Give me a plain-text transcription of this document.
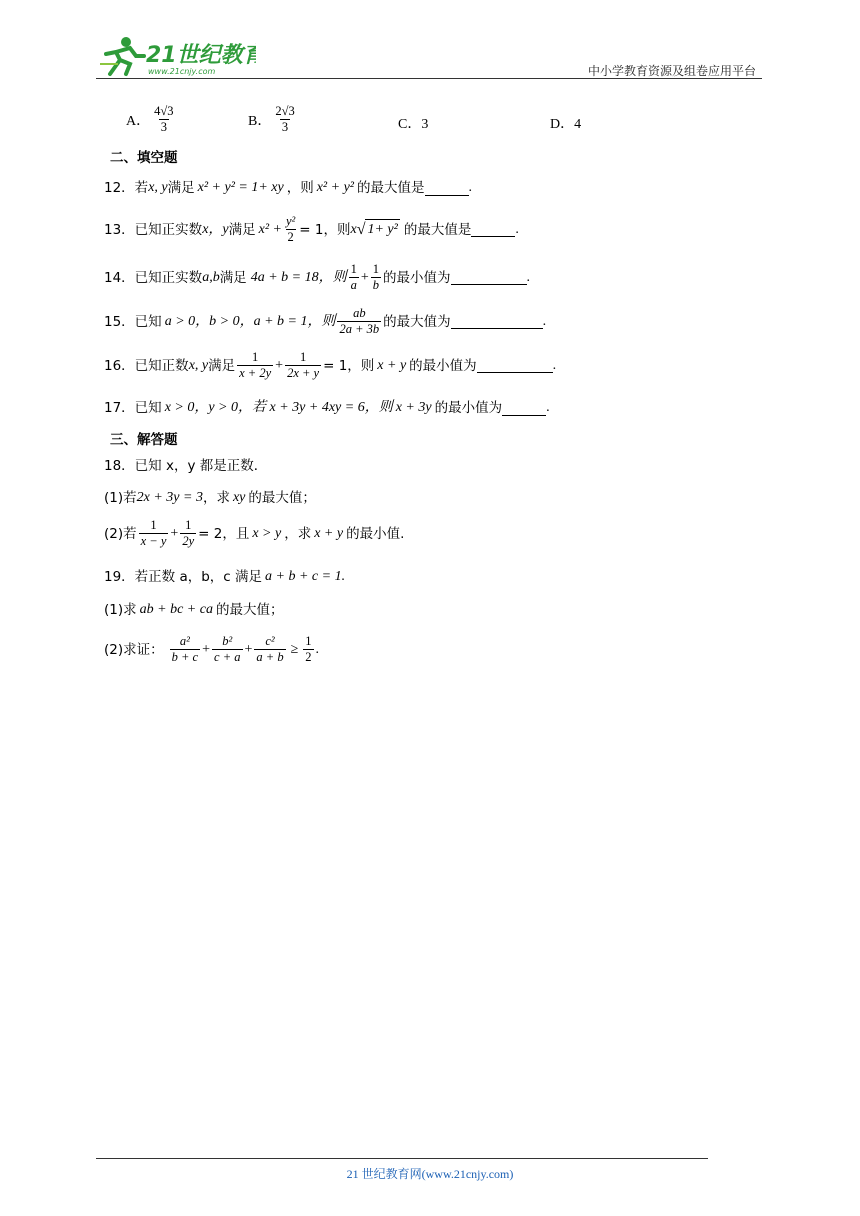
21世纪教育
www.21cnjy.com	中小学教育资源及组卷应用平台
A． $\frac{4√3}{3}$	B． $\frac{2√3}{3}$	C．3	D．4
二、填空题
12．若 x, y 满足 x² + y² = 1+ xy ，则 x² + y² 的最大值是	.
13．已知正实数 x，y 满足 $x^2 + \frac{\text{y²}}{2} = 1$，则 x √ 1+ y² 的最大值是	.
14．已知正实数 a,b 满足 4a + b = 18，则 $\frac{1}{a} + \frac{1}{b}$ 的最小值为	.
15．已知 a > 0，b > 0，a + b = 1，则 $\frac{ab}{2a + 3b}$ 的最大值为	.
16．已知正数 x, y 满足 $\frac{1}{x + 2y} + \frac{1}{2x + y} = 1$，则 x + y 的最小值为	.
17．已知 x > 0，y > 0，若 x + 3y + 4xy = 6，则 x + 3y 的最小值为	.
三、解答题
18．已知 x，y 都是正数．
(1)若 2x + 3y = 3 ，求 xy 的最大值；
(2)若 $\frac{1}{x - y} + \frac{1}{2y} = 2$，且 x > y ，求 x + y 的最小值.
19．若正数 a，b，c 满足 a + b + c = 1.
(1)求 ab + bc + ca 的最大值；
(2)求证： $\frac{\text{a²}}{b + c} + \frac{\text{b²}}{c + a} + \frac{\text{c²}}{a + b} \ge \frac{1}{2}$ .
21 世纪教育网(www.21cnjy.com)
